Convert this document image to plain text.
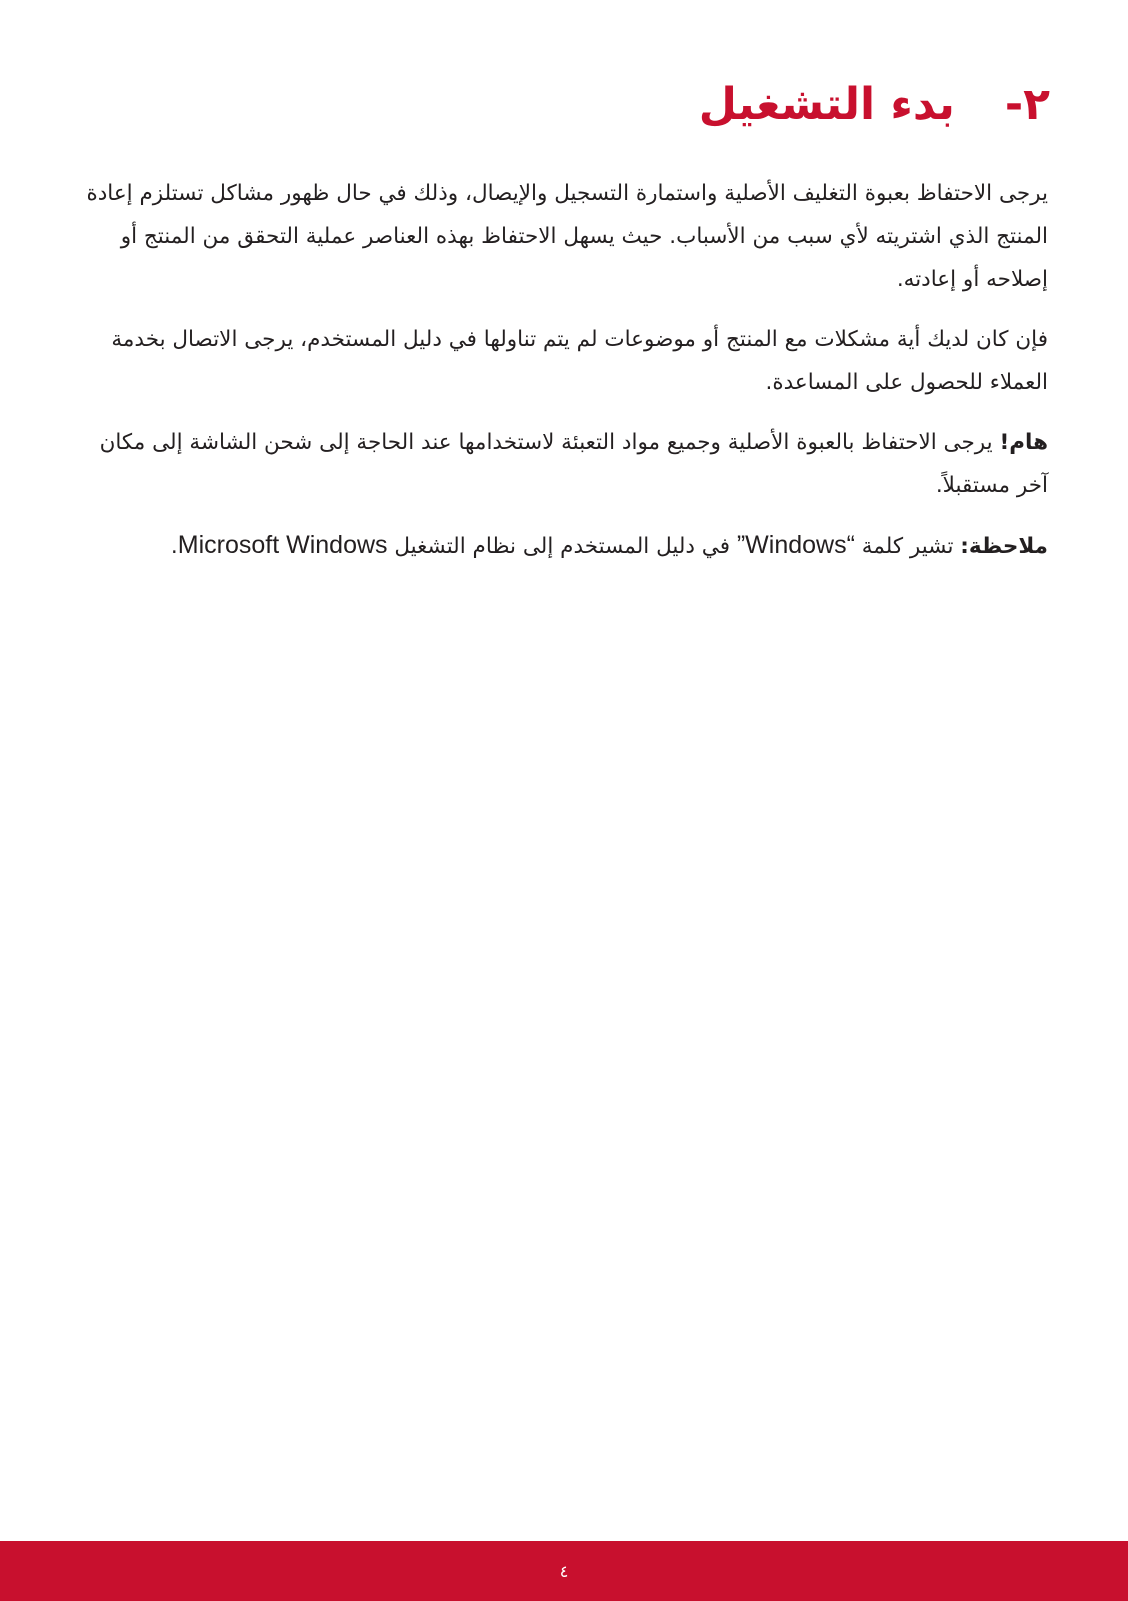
٢-
بدء التشغيل

يرجى الاحتفاظ بعبوة التغليف الأصلية واستمارة التسجيل والإيصال، وذلك في حال ظهور مشاكل تستلزم إعادة المنتج الذي اشتريته لأي سبب من الأسباب. حيث يسهل الاحتفاظ بهذه العناصر عملية التحقق من المنتج أو إصلاحه أو إعادته.

فإن كان لديك أية مشكلات مع المنتج أو موضوعات لم يتم تناولها في دليل المستخدم، يرجى الاتصال بخدمة العملاء للحصول على المساعدة.

هام! يرجى الاحتفاظ بالعبوة الأصلية وجميع مواد التعبئة لاستخدامها عند الحاجة إلى شحن الشاشة إلى مكان آخر مستقبلاً.

ملاحظة: تشير كلمة “Windows” في دليل المستخدم إلى نظام التشغيل Microsoft Windows.

٤
